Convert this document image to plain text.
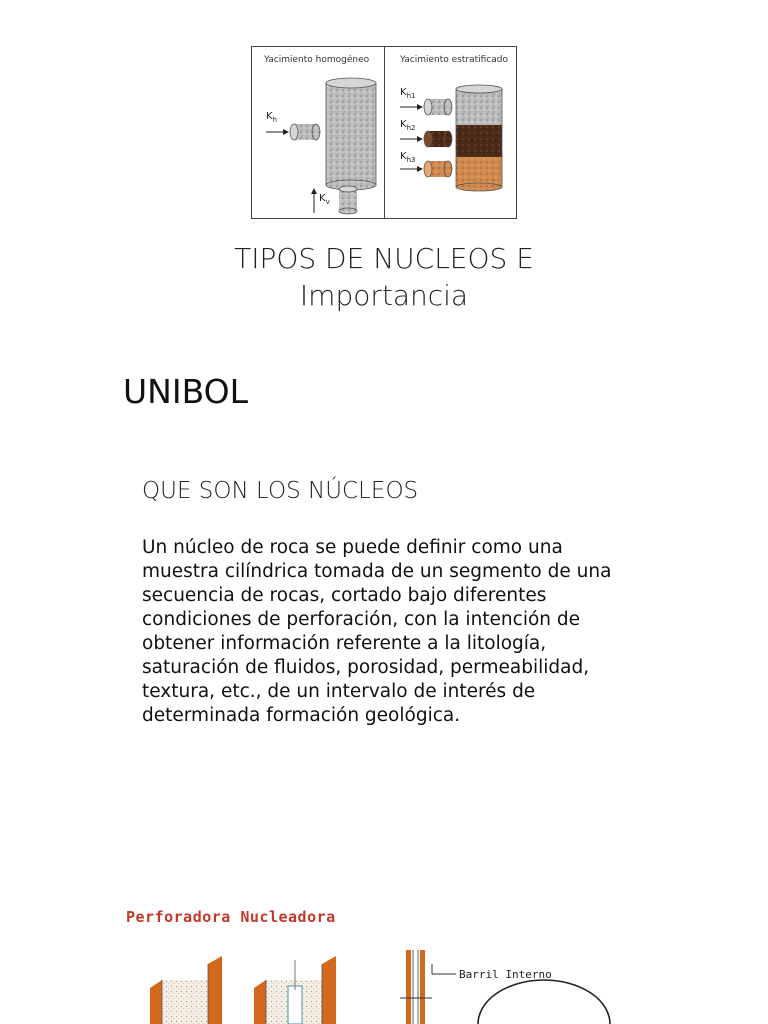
Yacimiento homogéneo	Yacimiento estratificado
$K_h$
$K_v$
$K_{h1}$
$K_{h2}$
$K_{h3}$
TIPOS DE NUCLEOS E
Importancia
UNIBOL
QUE SON LOS NÚCLEOS
Un núcleo de roca se puede definir como una muestra cilíndrica tomada de un segmento de una secuencia de rocas, cortado bajo diferentes condiciones de perforación, con la intención de obtener información referente a la litología, saturación de fluidos, porosidad, permeabilidad, textura, etc., de un intervalo de interés de determinada formación geológica.
Perforadora Nucleadora
Barril Interno
